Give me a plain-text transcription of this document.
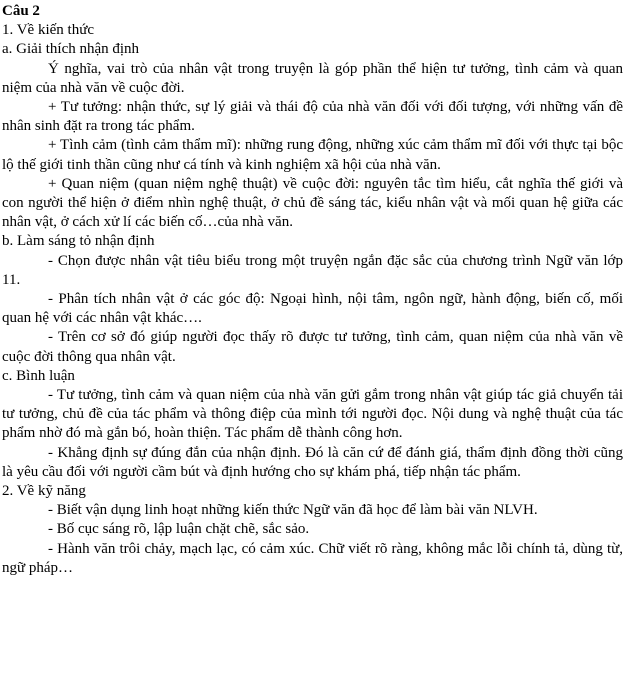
Câu 2

1. Về kiến thức

a. Giải thích nhận định

Ý nghĩa, vai trò của nhân vật trong truyện là góp phần thể hiện tư tưởng, tình cảm và quan niệm của nhà văn về cuộc đời.

+ Tư tưởng: nhận thức, sự lý giải và thái độ của nhà văn đối với đối tượng, với những vấn đề nhân sinh đặt ra trong tác phẩm.

+ Tình cảm (tình cảm thẩm mĩ): những rung động, những xúc cảm thẩm mĩ đối với thực tại bộc lộ thế giới tinh thần cũng như cá tính và kinh nghiệm xã hội của nhà văn.

+ Quan niệm (quan niệm nghệ thuật) về cuộc đời: nguyên tắc tìm hiểu, cắt nghĩa thế giới và con người thể hiện ở điểm nhìn nghệ thuật, ở chủ đề sáng tác, kiểu nhân vật và mối quan hệ giữa các nhân vật, ở cách xử lí các biến cố…của nhà văn.

b. Làm sáng tỏ nhận định

- Chọn được nhân vật tiêu biểu trong một truyện ngắn đặc sắc của chương trình Ngữ văn lớp 11.

- Phân tích nhân vật ở các góc độ: Ngoại hình, nội tâm, ngôn ngữ, hành động, biến cố, mối quan hệ với các nhân vật khác….

- Trên cơ sở đó giúp người đọc thấy rõ được tư tưởng, tình cảm, quan niệm của nhà văn về cuộc đời thông qua nhân vật.

c. Bình luận

- Tư tưởng, tình cảm và quan niệm của nhà văn gửi gắm trong nhân vật giúp tác giả chuyển tải tư tưởng, chủ đề của tác phẩm và thông điệp của mình tới người đọc. Nội dung và nghệ thuật của tác phẩm nhờ đó mà gắn bó, hoàn thiện. Tác phẩm dễ thành công hơn.

- Khẳng định sự đúng đắn của nhận định. Đó là căn cứ để đánh giá, thẩm định đồng thời cũng là yêu cầu đối với người cầm bút và định hướng cho sự khám phá, tiếp nhận tác phẩm.

2. Về kỹ năng

- Biết vận dụng linh hoạt những kiến thức Ngữ văn đã học để làm bài văn NLVH.

- Bố cục sáng rõ, lập luận chặt chẽ, sắc sảo.

- Hành văn trôi chảy, mạch lạc, có cảm xúc. Chữ viết rõ ràng, không mắc lỗi chính tả, dùng từ, ngữ pháp…
